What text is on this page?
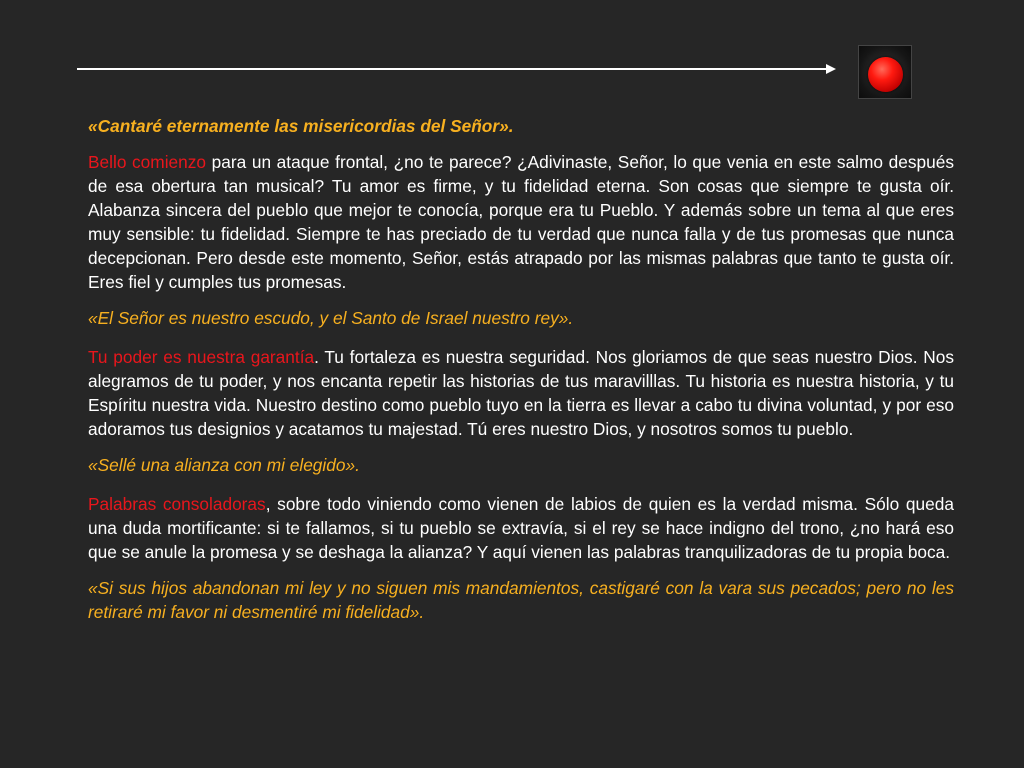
«Cantaré eternamente las misericordias del Señor».

Bello comienzo para un ataque frontal, ¿no te parece? ¿Adivinaste, Señor, lo que venia en este salmo después de esa obertura tan musical? Tu amor es firme, y tu fidelidad eterna. Son cosas que siempre te gusta oír. Alabanza sincera del pueblo que mejor te conocía, porque era tu Pueblo. Y además sobre un tema al que eres muy sensible: tu fidelidad. Siempre te has preciado de tu verdad que nunca falla y de tus promesas que nunca decepcionan. Pero desde este momento, Señor, estás atrapado por las mismas palabras que tanto te gusta oír. Eres fiel y cumples tus promesas.

«El Señor es nuestro escudo, y el Santo de Israel nuestro rey».

Tu poder es nuestra garantía. Tu fortaleza es nuestra seguridad. Nos gloriamos de que seas nuestro Dios. Nos alegramos de tu poder, y nos encanta repetir las historias de tus maravilllas. Tu historia es nuestra historia, y tu Espíritu nuestra vida. Nuestro destino como pueblo tuyo en la tierra es llevar a cabo tu divina voluntad, y por eso adoramos tus designios y acatamos tu majestad. Tú eres nuestro Dios, y nosotros somos tu pueblo.

«Sellé una alianza con mi elegido».

Palabras consoladoras, sobre todo viniendo como vienen de labios de quien es la verdad misma. Sólo queda una duda mortificante: si te fallamos, si tu pueblo se extravía, si el rey se hace indigno del trono, ¿no hará eso que se anule la promesa y se deshaga la alianza? Y aquí vienen las palabras tranquilizadoras de tu propia boca.

«Si sus hijos abandonan mi ley y no siguen mis mandamientos, castigaré con la vara sus pecados; pero no les retiraré mi favor ni desmentiré mi fidelidad».
